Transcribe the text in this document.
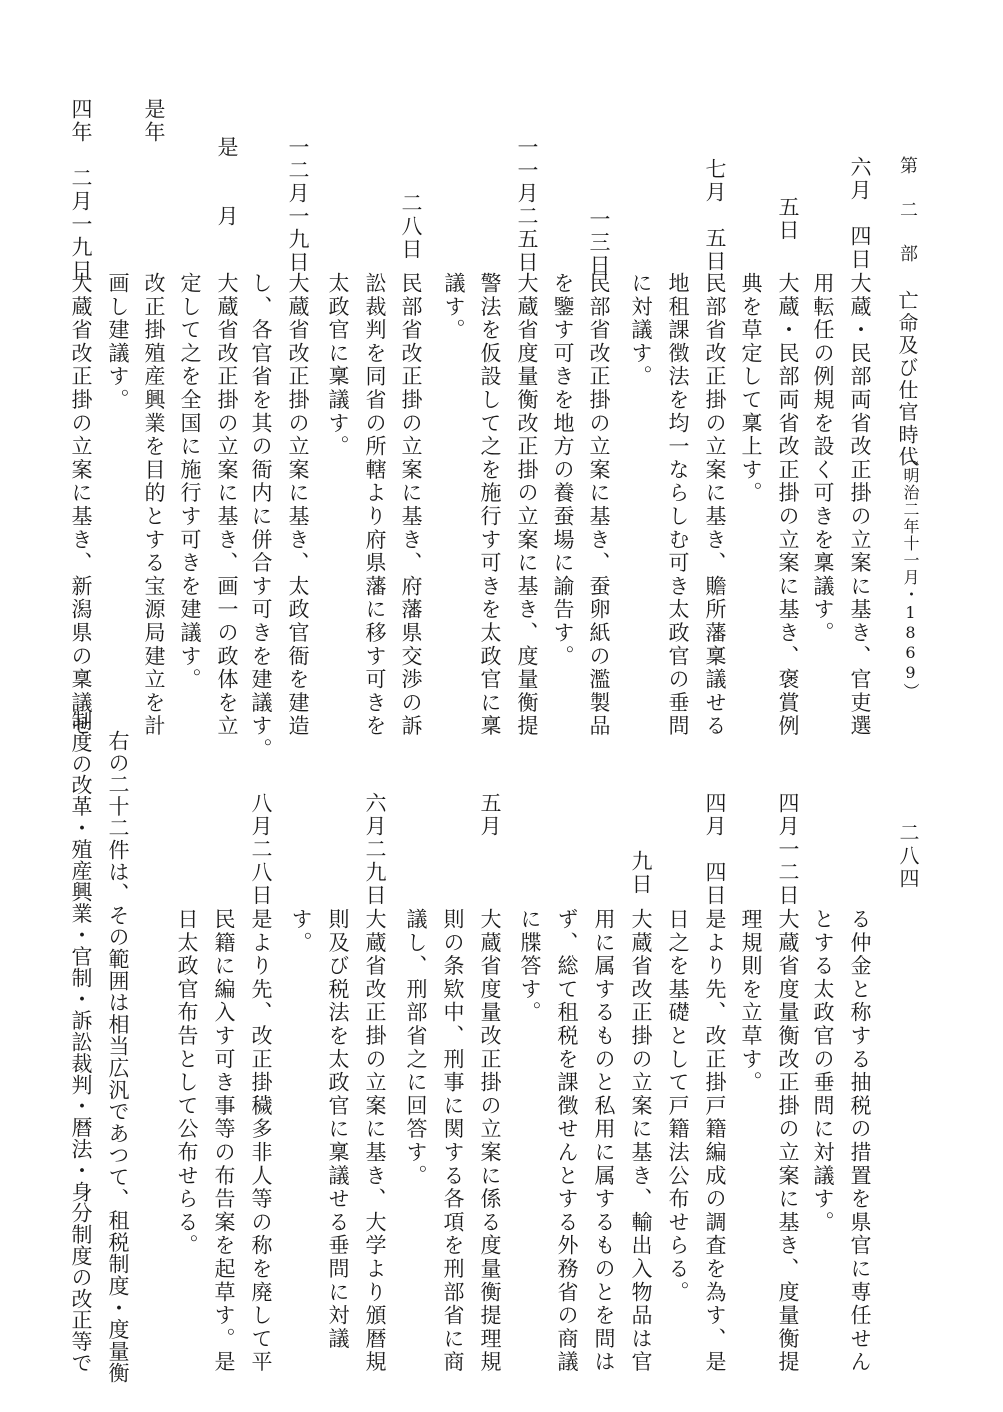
第　二　部
亡命及び仕官時代
（明治二年十一月・1869）
二八四
六月　四日
五日
七月　五日
一三日
一一月二五日
二八日
一二月一九日
是　　月
是年
四年　二月一九日
大蔵・民部両省改正掛の立案に基き、官吏選
用転任の例規を設く可きを稟議す。
大蔵・民部両省改正掛の立案に基き、褒賞例
典を草定して稟上す。
民部省改正掛の立案に基き、贍所藩稟議せる
地租課徴法を均一ならしむ可き太政官の垂問
に対議す。
民部省改正掛の立案に基き、蚕卵紙の濫製品
を鑒す可きを地方の養蚕場に諭告す。
大蔵省度量衡改正掛の立案に基き、度量衡提
警法を仮設して之を施行す可きを太政官に稟
議す。
民部省改正掛の立案に基き、府藩県交渉の訴
訟裁判を同省の所轄より府県藩に移す可きを
太政官に稟議す。
大蔵省改正掛の立案に基き、太政官衙を建造
し、各官省を其の衙内に併合す可きを建議す。
大蔵省改正掛の立案に基き、画一の政体を立
定して之を全国に施行す可きを建議す。
改正掛殖産興業を目的とする宝源局建立を計
画し建議す。
大蔵省改正掛の立案に基き、新潟県の稟議せ
四月一二日
四月　四日
九日
五月
六月二九日
八月二八日
る仲金と称する抽税の措置を県官に専任せん
とする太政官の垂問に対議す。
大蔵省度量衡改正掛の立案に基き、度量衡提
理規則を立草す。
是より先、改正掛戸籍編成の調査を為す、是
日之を基礎として戸籍法公布せらる。
大蔵省改正掛の立案に基き、輸出入物品は官
用に属するものと私用に属するものとを問は
ず、総て租税を課徴せんとする外務省の商議
に牒答す。
大蔵省度量改正掛の立案に係る度量衡提理規
則の条欵中、刑事に関する各項を刑部省に商
議し、刑部省之に回答す。
大蔵省改正掛の立案に基き、大学より頒暦規
則及び税法を太政官に稟議せる垂問に対議
す。
是より先、改正掛穢多非人等の称を廃して平
民籍に編入す可き事等の布告案を起草す。是
日太政官布告として公布せらる。
右の二十二件は、その範囲は相当広汎であつて、租税制度・度量衡
制度の改革・殖産興業・官制・訴訟裁判・暦法・身分制度の改正等で
